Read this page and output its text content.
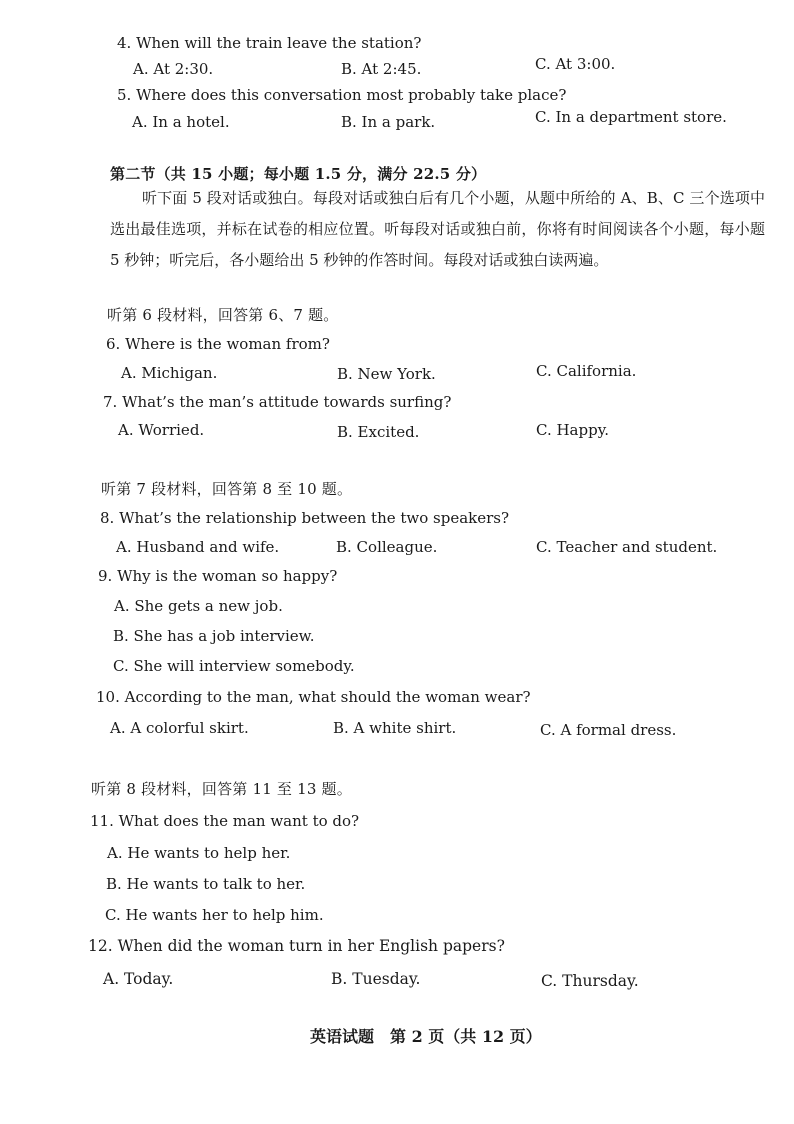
4. When will the train leave the station?
A. At 2:30.	B. At 2:45.	C. At 3:00.
5. Where does this conversation most probably take place?
A. In a hotel.	B. In a park.	C. In a department store.
第二节（共 15 小题；每小题 1.5 分，满分 22.5 分）
听下面 5 段对话或独白。每段对话或独白后有几个小题，从题中所给的 A、B、C 三个选项中选出最佳选项，并标在试卷的相应位置。听每段对话或独白前，你将有时间阅读各个小题，每小题 5 秒钟；听完后，各小题给出 5 秒钟的作答时间。每段对话或独白读两遍。
听第 6 段材料，回答第 6、7 题。
6. Where is the woman from?
A. Michigan.	B. New York.	C. California.
7. What’s the man’s attitude towards surfing?
A. Worried.	B. Excited.	C. Happy.
听第 7 段材料，回答第 8 至 10 题。
8. What’s the relationship between the two speakers?
A. Husband and wife.	B. Colleague.	C. Teacher and student.
9. Why is the woman so happy?
A. She gets a new job.
B. She has a job interview.
C. She will interview somebody.
10. According to the man, what should the woman wear?
A. A colorful skirt.	B. A white shirt.	C. A formal dress.
听第 8 段材料，回答第 11 至 13 题。
11. What does the man want to do?
A. He wants to help her.
B. He wants to talk to her.
C. He wants her to help him.
12. When did the woman turn in her English papers?
A. Today.	B. Tuesday.	C. Thursday.
英语试题　第 2 页（共 12 页）
